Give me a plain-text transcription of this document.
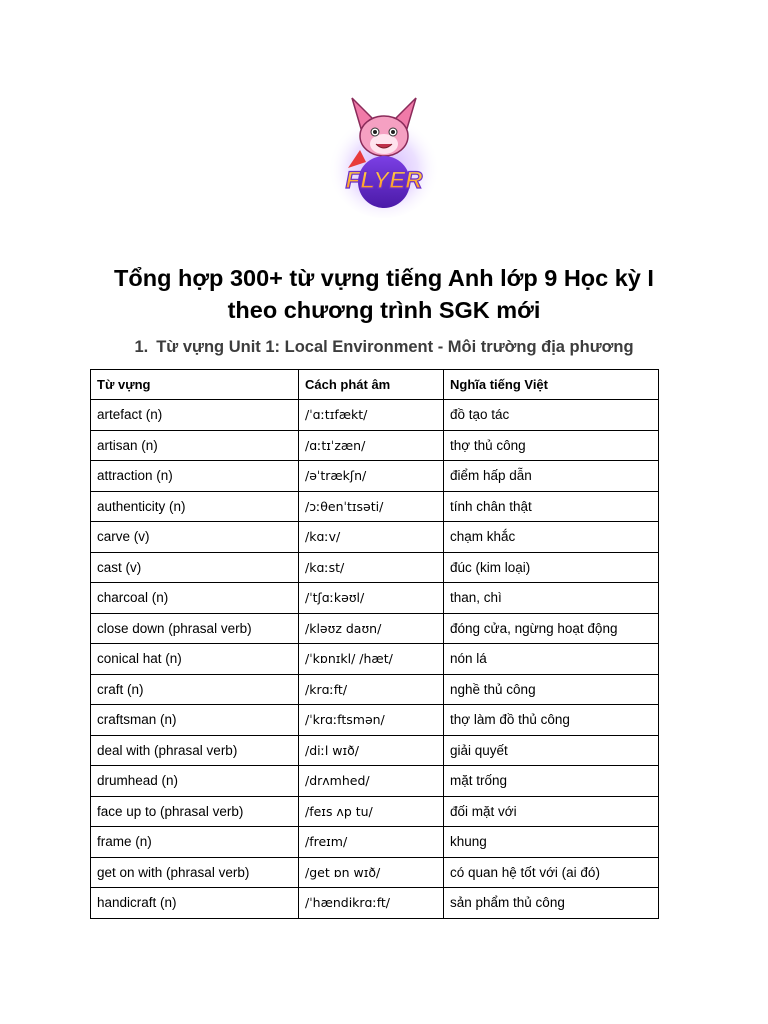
FLYER
Tổng hợp 300+ từ vựng tiếng Anh lớp 9 Học kỳ I
theo chương trình SGK mới
1. Từ vựng Unit 1: Local Environment - Môi trường địa phương
Từ vựng	Cách phát âm	Nghĩa tiếng Việt
artefact (n)	/ˈɑːtɪfækt/	đồ tạo tác
artisan (n)	/ɑːtɪˈzæn/	thợ thủ công
attraction (n)	/əˈtrækʃn/	điểm hấp dẫn
authenticity (n)	/ɔːθenˈtɪsəti/	tính chân thật
carve (v)	/kɑːv/	chạm khắc
cast (v)	/kɑːst/	đúc (kim loại)
charcoal (n)	/ˈtʃɑːkəʊl/	than, chì
close down (phrasal verb)	/kləʊz daʊn/	đóng cửa, ngừng hoạt động
conical hat (n)	/ˈkɒnɪkl/ /hæt/	nón lá
craft (n)	/krɑːft/	nghề thủ công
craftsman (n)	/ˈkrɑːftsmən/	thợ làm đồ thủ công
deal with (phrasal verb)	/diːl wɪð/	giải quyết
drumhead (n)	/drʌmhed/	mặt trống
face up to (phrasal verb)	/feɪs ʌp tu/	đối mặt với
frame (n)	/freɪm/	khung
get on with (phrasal verb)	/get ɒn wɪð/	có quan hệ tốt với (ai đó)
handicraft (n)	/ˈhændikrɑːft/	sản phẩm thủ công
